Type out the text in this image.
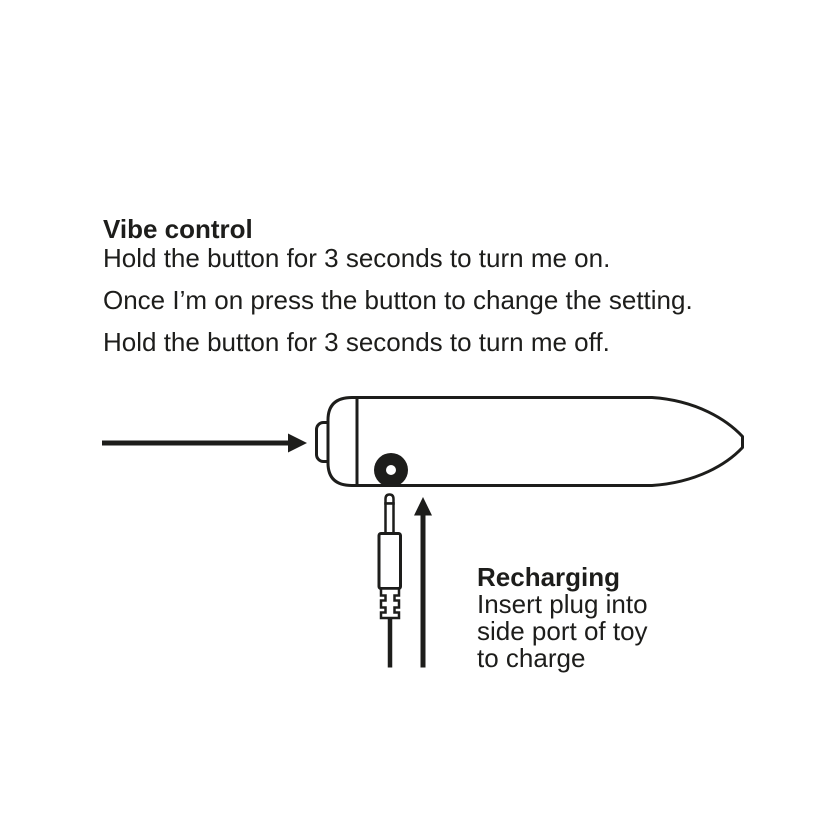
Vibe control

Hold the button for 3 seconds to turn me on.

Once I’m on press the button to change the setting.

Hold the button for 3 seconds to turn me off.

Recharging

Insert plug into

side port of toy

to charge
